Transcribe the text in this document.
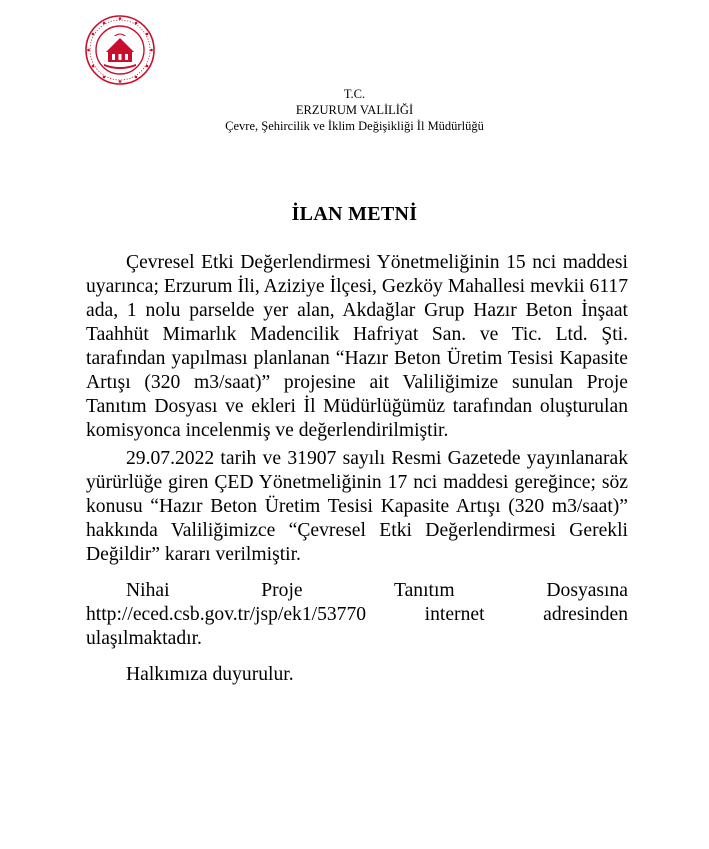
T.C.
ERZURUM VALİLİĞİ
Çevre, Şehircilik ve İklim Değişikliği İl Müdürlüğü
İLAN METNİ

Çevresel Etki Değerlendirmesi Yönetmeliğinin 15 nci maddesi uyarınca; Erzurum İli, Aziziye İlçesi, Gezköy Mahallesi mevkii 6117 ada, 1 nolu parselde yer alan, Akdağlar Grup Hazır Beton İnşaat Taahhüt Mimarlık Madencilik Hafriyat San. ve Tic. Ltd. Şti. tarafından yapılması planlanan “Hazır Beton Üretim Tesisi Kapasite Artışı (320 m3/saat)” projesine ait Valiliğimize sunulan Proje Tanıtım Dosyası ve ekleri İl Müdürlüğümüz tarafından oluşturulan komisyonca incelenmiş ve değerlendirilmiştir.

29.07.2022 tarih ve 31907 sayılı Resmi Gazetede yayınlanarak yürürlüğe giren ÇED Yönetmeliğinin 17 nci maddesi gereğince; söz konusu “Hazır Beton Üretim Tesisi Kapasite Artışı (320 m3/saat)” hakkında Valiliğimizce “Çevresel Etki Değerlendirmesi Gerekli Değildir” kararı verilmiştir.

Nihai Proje Tanıtım Dosyasına http://eced.csb.gov.tr/jsp/ek1/53770 internet adresinden ulaşılmaktadır.

Halkımıza duyurulur.
